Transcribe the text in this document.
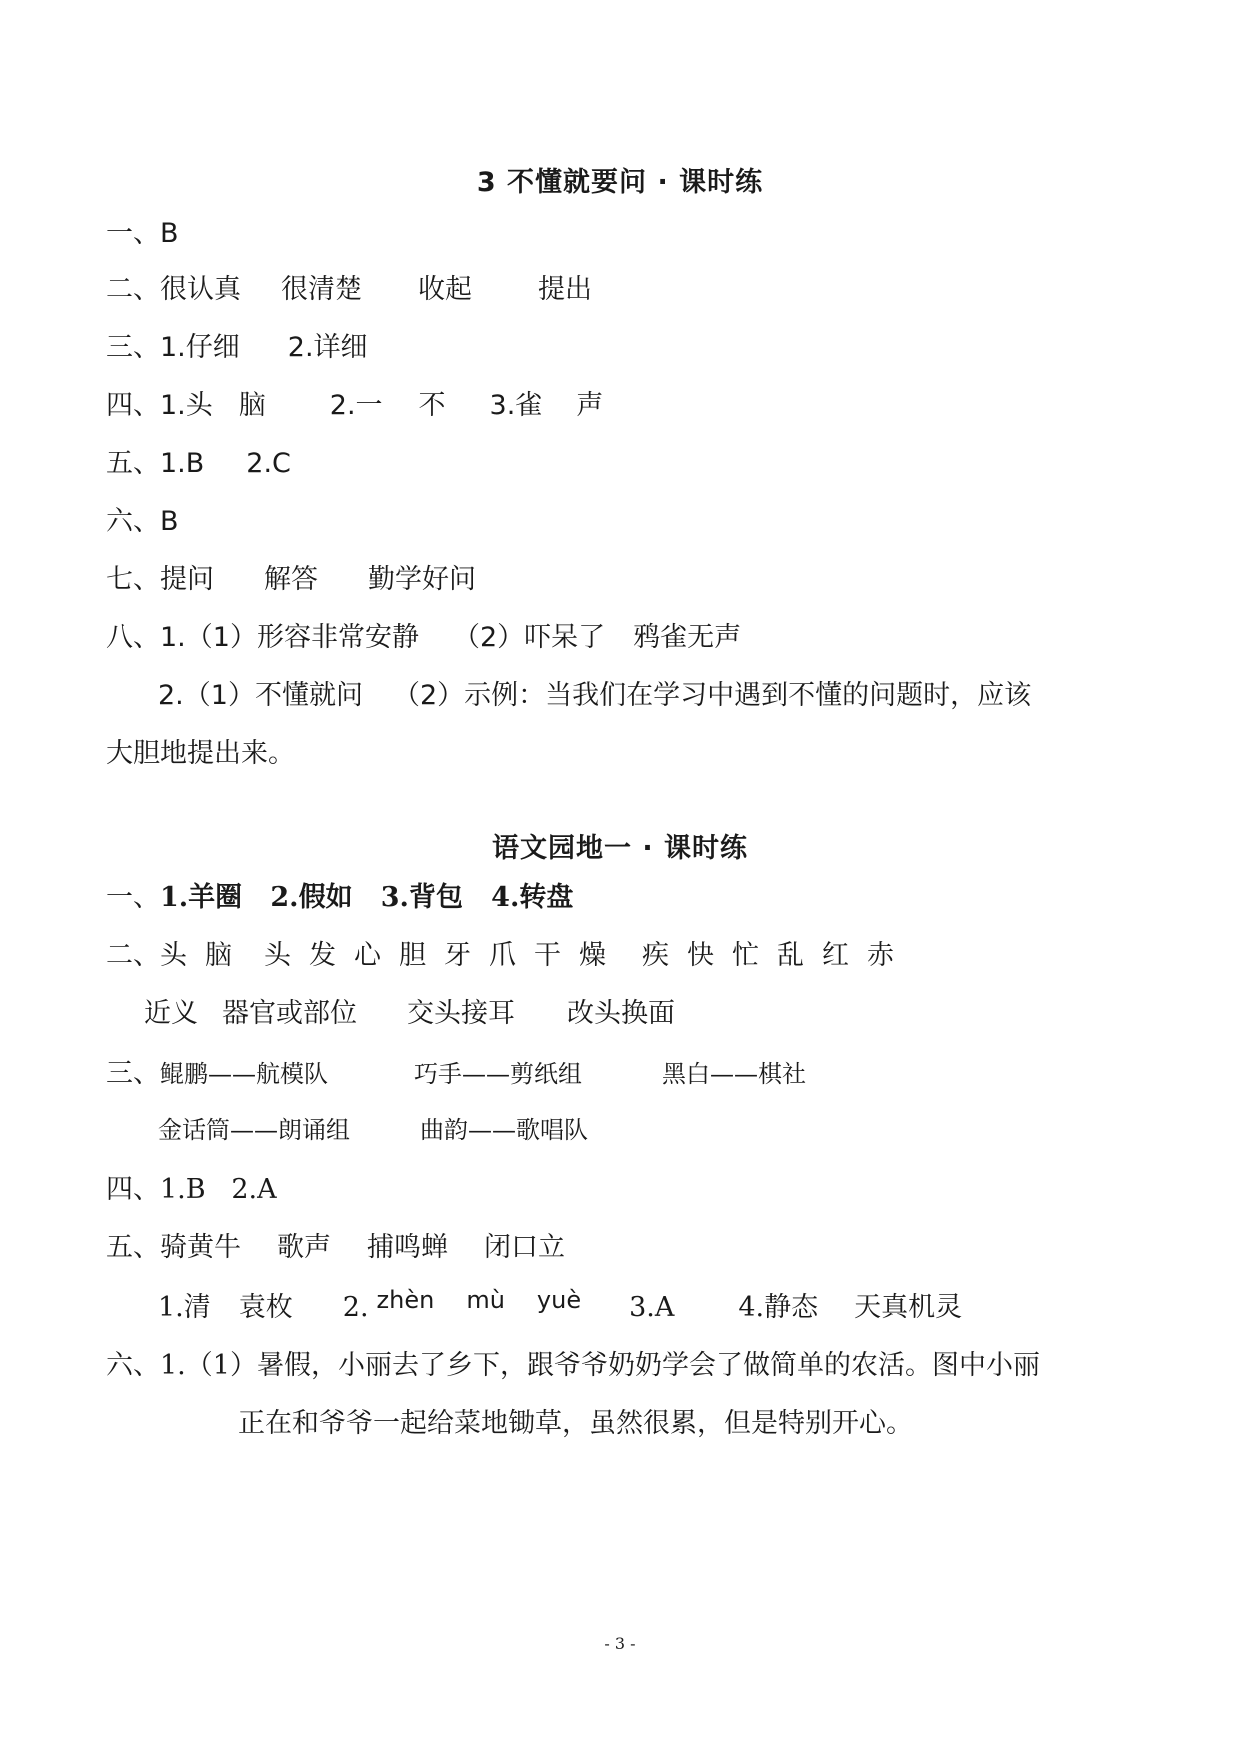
3 不懂就要问 · 课时练
一、B
二、很认真 很清楚 收起 提出
三、1.仔细 2.详细
四、1.头 脑 2.一 不 3.雀 声
五、1.B 2.C
六、B
七、提问 解答 勤学好问
八、1.（1）形容非常安静 （2）吓呆了 鸦雀无声
2.（1）不懂就问 （2）示例：当我们在学习中遇到不懂的问题时，应该
大胆地提出来。
语文园地一 · 课时练
一、1.羊圈   2.假如   3.背包   4.转盘
二、头 脑 头 发 心 胆 牙 爪 干 燥 疾 快 忙 乱 红 赤
近义 器官或部位 交头接耳 改头换面
三、鲲鹏——航模队	巧手——剪纸组	黑白——棋社
金话筒——朗诵组	曲韵——歌唱队
四、1.B   2.A
五、骑黄牛 歌声 捕鸣蝉 闭口立
1.清 袁枚 2. zhèn mù yuè 3.A 4.静态 天真机灵
六、1.（1）暑假，小丽去了乡下，跟爷爷奶奶学会了做简单的农活。图中小丽
正在和爷爷一起给菜地锄草，虽然很累，但是特别开心。
- 3 -
